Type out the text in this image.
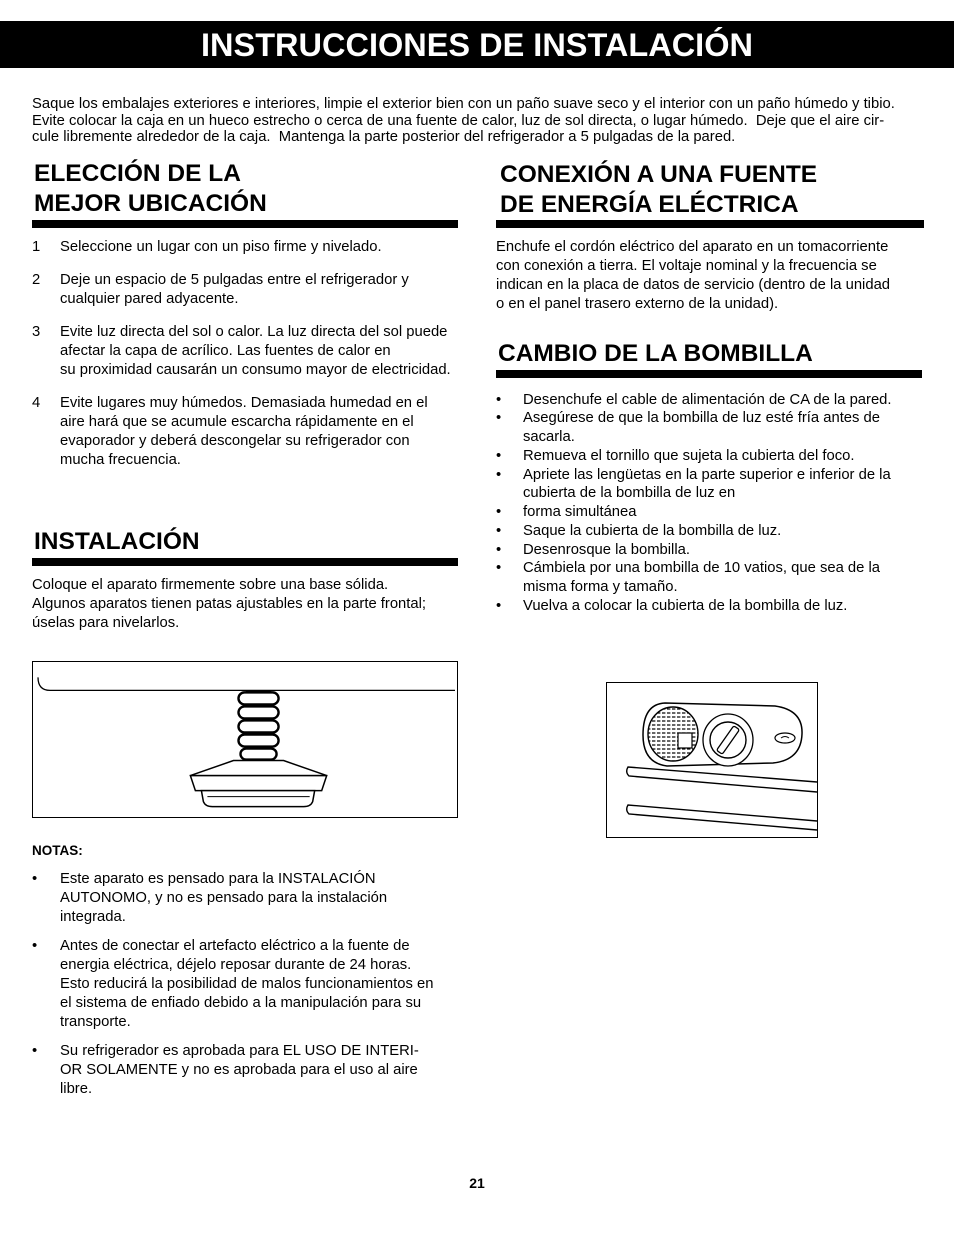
INSTRUCCIONES DE INSTALACIÓN
Saque los embalajes exteriores e interiores, limpie el exterior bien con un paño suave seco y el interior con un paño húmedo y tibio.
Evite colocar la caja en un hueco estrecho o cerca de una fuente de calor, luz de sol directa, o lugar húmedo.  Deje que el aire cir-
cule libremente alrededor de la caja.  Mantenga la parte posterior del refrigerador a 5 pulgadas de la pared.
ELECCIÓN DE LA
MEJOR UBICACIÓN
1 Seleccione un lugar con un piso firme y nivelado.
2 Deje un espacio de 5 pulgadas entre el refrigerador y
cualquier pared adyacente.
3 Evite luz directa del sol o calor. La luz directa del sol puede
afectar la capa de acrílico. Las fuentes de calor en
su proximidad causarán un consumo mayor de electricidad.
4 Evite lugares muy húmedos. Demasiada humedad en el
aire hará que se acumule escarcha rápidamente en el
evaporador y deberá descongelar su refrigerador con
mucha frecuencia.
INSTALACIÓN
Coloque el aparato firmemente sobre una base sólida.
Algunos aparatos tienen patas ajustables en la parte frontal;
úselas para nivelarlos.
NOTAS:
• Este aparato es pensado para la INSTALACIÓN
AUTONOMO, y no es pensado para la instalación
integrada.
• Antes de conectar el artefacto eléctrico a la fuente de
energia eléctrica, déjelo reposar durante de 24 horas.
Esto reducirá la posibilidad de malos funcionamientos en
el sistema de enfiado debido a la manipulación para su
transporte.
• Su refrigerador es aprobada para EL USO DE INTERI-
OR SOLAMENTE y no es aprobada para el uso al aire
libre.
CONEXIÓN A UNA FUENTE
DE ENERGÍA ELÉCTRICA
Enchufe el cordón eléctrico del aparato en un tomacorriente
con conexión a tierra. El voltaje nominal y la frecuencia se
indican en la placa de datos de servicio (dentro de la unidad
o en el panel trasero externo de la unidad).
CAMBIO DE LA BOMBILLA
• Desenchufe el cable de alimentación de CA de la pared.
• Asegúrese de que la bombilla de luz esté fría antes de
sacarla.
• Remueva el tornillo que sujeta la cubierta del foco.
• Apriete las lengüetas en la parte superior e inferior de la
cubierta de la bombilla de luz en
• forma simultánea
• Saque la cubierta de la bombilla de luz.
• Desenrosque la bombilla.
• Cámbiela por una bombilla de 10 vatios, que sea de la
misma forma y tamaño.
• Vuelva a colocar la cubierta de la bombilla de luz.
21
